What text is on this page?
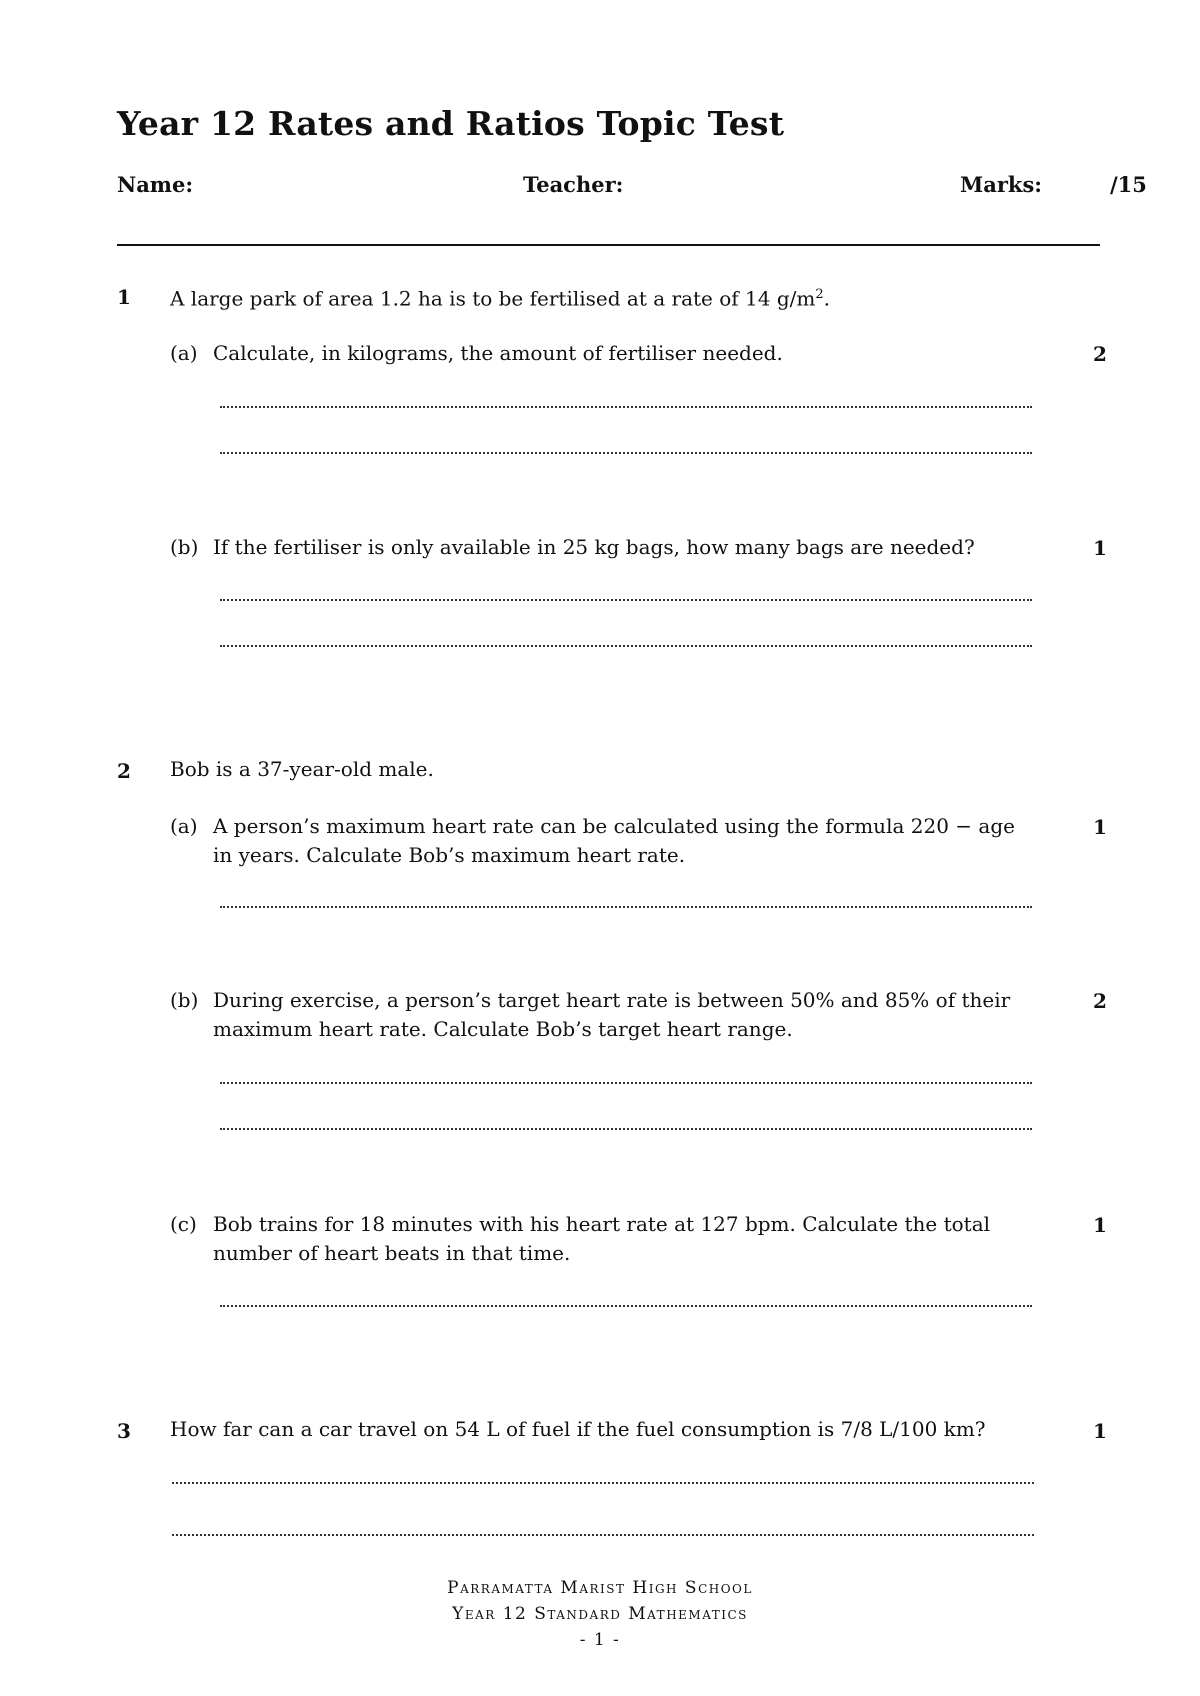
Year 12 Rates and Ratios Topic Test
Name:	Teacher:	Marks:	/15
1 A large park of area 1.2 ha is to be fertilised at a rate of 14 $g/m^2$.
(a) Calculate, in kilograms, the amount of fertiliser needed.	2
(b) If the fertiliser is only available in 25 kg bags, how many bags are needed?	1
2 Bob is a 37-year-old male.
(a) A person’s maximum heart rate can be calculated using the formula 220 − age
in years. Calculate Bob’s maximum heart rate.
1
(b) During exercise, a person’s target heart rate is between 50% and 85% of their
maximum heart rate. Calculate Bob’s target heart range.
2
(c) Bob trains for 18 minutes with his heart rate at 127 bpm. Calculate the total
number of heart beats in that time.
1
3 How far can a car travel on 54 L of fuel if the fuel consumption is 7/8 L/100 km?	1
Parramatta Marist High School
Year 12 Standard Mathematics
- 1 -
